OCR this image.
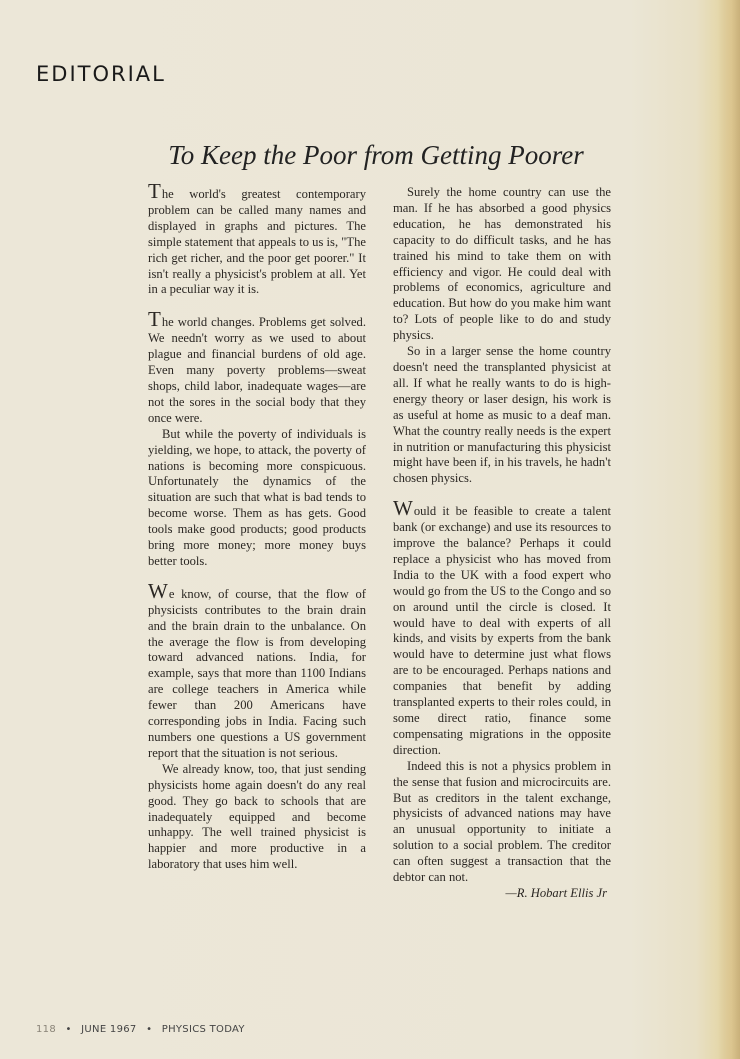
EDITORIAL
To Keep the Poor from Getting Poorer

The world's greatest contemporary problem can be called many names and displayed in graphs and pictures. The simple statement that appeals to us is, "The rich get richer, and the poor get poorer." It isn't really a physicist's problem at all. Yet in a peculiar way it is.

The world changes. Problems get solved. We needn't worry as we used to about plague and financial burdens of old age. Even many poverty problems—sweat shops, child labor, inadequate wages—are not the sores in the social body that they once were.

But while the poverty of individuals is yielding, we hope, to attack, the poverty of nations is becoming more conspicuous. Unfortunately the dynamics of the situation are such that what is bad tends to become worse. Them as has gets. Good tools make good products; good products bring more money; more money buys better tools.

We know, of course, that the flow of physicists contributes to the brain drain and the brain drain to the unbalance. On the average the flow is from developing toward advanced nations. India, for example, says that more than 1100 Indians are college teachers in America while fewer than 200 Americans have corresponding jobs in India. Facing such numbers one questions a US government report that the situation is not serious.

We already know, too, that just sending physicists home again doesn't do any real good. They go back to schools that are inadequately equipped and become unhappy. The well trained physicist is happier and more productive in a laboratory that uses him well.

Surely the home country can use the man. If he has absorbed a good physics education, he has demonstrated his capacity to do difficult tasks, and he has trained his mind to take them on with efficiency and vigor. He could deal with problems of economics, agriculture and education. But how do you make him want to? Lots of people like to do and study physics.

So in a larger sense the home country doesn't need the transplanted physicist at all. If what he really wants to do is high-energy theory or laser design, his work is as useful at home as music to a deaf man. What the country really needs is the expert in nutrition or manufacturing this physicist might have been if, in his travels, he hadn't chosen physics.

Would it be feasible to create a talent bank (or exchange) and use its resources to improve the balance? Perhaps it could replace a physicist who has moved from India to the UK with a food expert who would go from the US to the Congo and so on around until the circle is closed. It would have to deal with experts of all kinds, and visits by experts from the bank would have to determine just what flows are to be encouraged. Perhaps nations and companies that benefit by adding transplanted experts to their roles could, in some direct ratio, finance some compensating migrations in the opposite direction.

Indeed this is not a physics problem in the sense that fusion and microcircuits are. But as creditors in the talent exchange, physicists of advanced nations may have an unusual opportunity to initiate a solution to a social problem. The creditor can often suggest a transaction that the debtor can not.

—R. Hobart Ellis Jr

118 • JUNE 1967 • PHYSICS TODAY
